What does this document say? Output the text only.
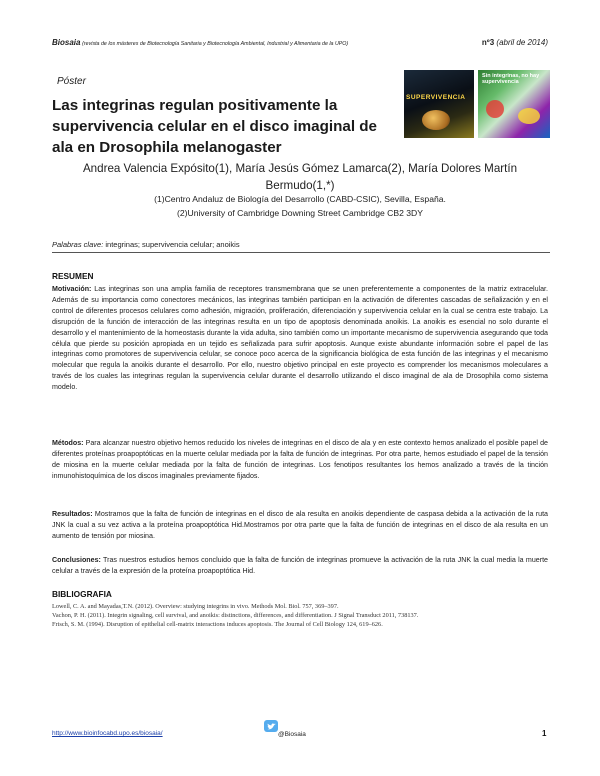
Biosaia (revista de los másteres de Biotecnología Sanitaria y Biotecnología Ambiental, Industrial y Alimentaria de la UPO)	nº3 (abril de 2014)
Póster
Las integrinas regulan positivamente la supervivencia celular en el disco imaginal de ala en Drosophila melanogaster
SUPERVIVENCIA
Sin integrinas, no hay supervivencia
Andrea Valencia Expósito(1), María Jesús Gómez Lamarca(2), María Dolores Martín Bermudo(1,*)
(1)Centro Andaluz de Biología del Desarrollo (CABD-CSIC), Sevilla, España.
(2)University of Cambridge Downing Street Cambridge CB2 3DY
Palabras clave: integrinas; supervivencia celular; anoikis
RESUMEN
Motivación: Las integrinas son una amplia familia de receptores transmembrana que se unen preferentemente a componentes de la matriz extracelular. Además de su importancia como conectores mecánicos, las integrinas también participan en la activación de diferentes cascadas de señalización y en el control de diferentes procesos celulares como adhesión, migración, proliferación, diferenciación y supervivencia celular en la cual se centra este trabajo. La disrupción de la función de interacción de las integrinas resulta en un tipo de apoptosis denominada anoikis. La anoikis es esencial no solo durante el desarrollo y el mantenimiento de la homeostasis durante la vida adulta, sino también como un importante mecanismo de supervivencia asegurando que toda célula que pierde su posición apropiada en un tejido es señalizada para sufrir apoptosis. Aunque existe abundante información sobre el papel de las integrinas como promotores de supervivencia celular, se conoce poco acerca de la significancia biológica de esta función de las integrinas y el mecanismo molecular que regula la anoikis durante el desarrollo. Por ello, nuestro objetivo principal en este proyecto es comprender los mecanismos moleculares a través de los cuales las integrinas regulan la supervivencia celular durante el desarrollo utilizando el disco imaginal de ala de Drosophila como sistema modelo.
Métodos: Para alcanzar nuestro objetivo hemos reducido los niveles de integrinas en el disco de ala y en este contexto hemos analizado el posible papel de diferentes proteínas proapoptóticas en la muerte celular mediada por la falta de función de integrinas. Por otra parte, hemos estudiado el papel de la tensión de miosina en la muerte celular mediada por la falta de función de integrinas. Los fenotipos resultantes los hemos analizado a través de la tinción inmunohistoquímica de los discos imaginales previamente fijados.
Resultados: Mostramos que la falta de función de integrinas en el disco de ala resulta en anoikis dependiente de caspasa debida a la activación de la ruta JNK la cual a su vez activa a la proteína proapoptótica Hid.Mostramos por otra parte que la falta de función de integrinas en el disco de ala resulta en un aumento de tensión por miosina.
Conclusiones: Tras nuestros estudios hemos concluido que la falta de función de integrinas promueve la activación de la ruta JNK la cual media la muerte celular a través de la expresión de la proteína proapoptótica Hid.
BIBLIOGRAFIA
Lowell, C. A. and Mayadas,T.N. (2012). Overview: studying integrins in vivo. Methods Mol. Biol. 757, 369–397.
Vachon, P. H. (2011). Integrin signaling, cell survival, and anoikis: distinctions, differences, and differentiation. J Signal Transduct 2011, 738137.
Frisch, S. M. (1994). Disruption of epithelial cell-matrix interactions induces apoptosis. The Journal of Cell Biology 124, 619–626.
http://www.bioinfocabd.upo.es/biosaia/	@Biosaia	1
